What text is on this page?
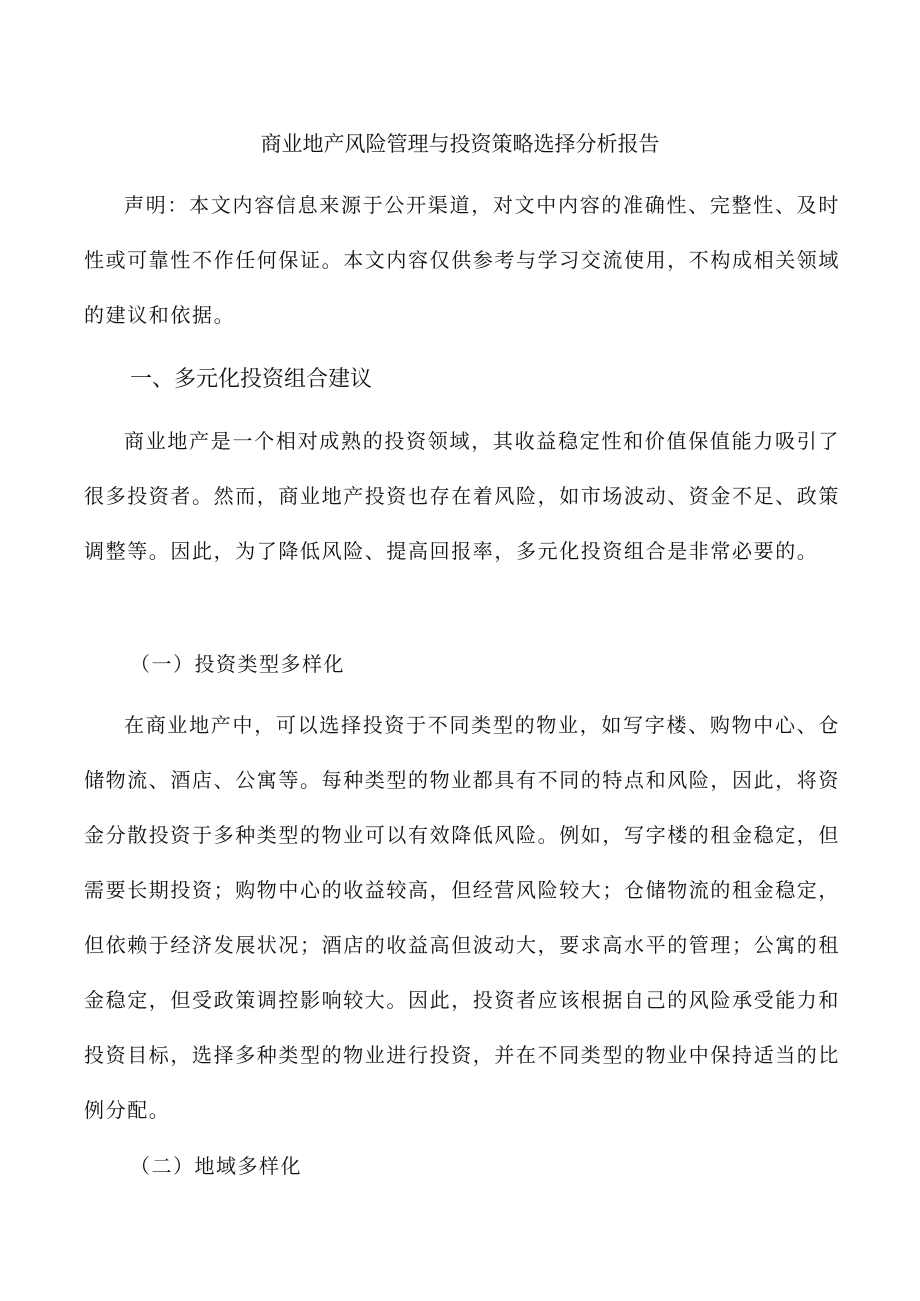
商业地产风险管理与投资策略选择分析报告

声明：本文内容信息来源于公开渠道，对文中内容的准确性、完整性、及时性或可靠性不作任何保证。本文内容仅供参考与学习交流使用，不构成相关领域的建议和依据。

一、多元化投资组合建议

商业地产是一个相对成熟的投资领域，其收益稳定性和价值保值能力吸引了很多投资者。然而，商业地产投资也存在着风险，如市场波动、资金不足、政策调整等。因此，为了降低风险、提高回报率，多元化投资组合是非常必要的。

（一）投资类型多样化

在商业地产中，可以选择投资于不同类型的物业，如写字楼、购物中心、仓储物流、酒店、公寓等。每种类型的物业都具有不同的特点和风险，因此，将资金分散投资于多种类型的物业可以有效降低风险。例如，写字楼的租金稳定，但需要长期投资；购物中心的收益较高，但经营风险较大；仓储物流的租金稳定，但依赖于经济发展状况；酒店的收益高但波动大，要求高水平的管理；公寓的租金稳定，但受政策调控影响较大。因此，投资者应该根据自己的风险承受能力和投资目标，选择多种类型的物业进行投资，并在不同类型的物业中保持适当的比例分配。

（二）地域多样化
